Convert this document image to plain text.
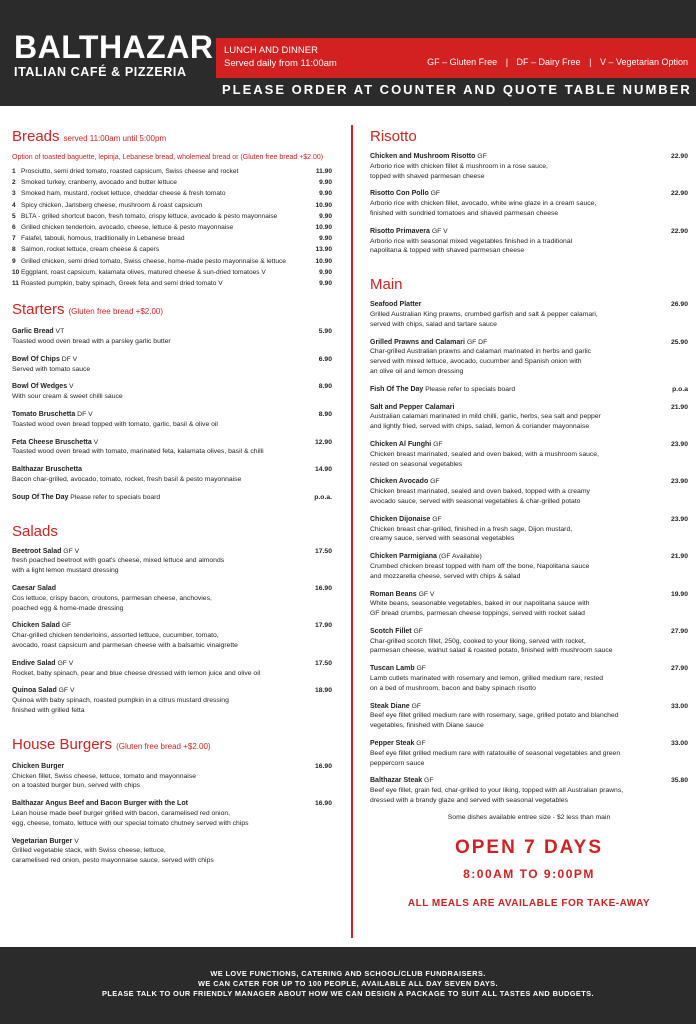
BALTHAZAR
ITALIAN CAFÉ & PIZZERIA
LUNCH AND DINNER
Served daily from 11:00am	GF – Gluten Free | DF – Dairy Free | V – Vegetarian Option
PLEASE ORDER AT COUNTER AND QUOTE TABLE NUMBER
Breads served 11:00am until 5:00pm
Option of toasted baguette, lepinja, Lebanese bread, wholemeal bread or (Gluten free bread +$2.00)
1 Prosciutto, semi dried tomato, roasted capsicum, Swiss cheese and rocket	11.90
2 Smoked turkey, cranberry, avocado and butter lettuce	9.90
3 Smoked ham, mustard, rocket lettuce, cheddar cheese & fresh tomato	9.90
4 Spicy chicken, Jarlsberg cheese, mushroom & roast capsicum	10.90
5 BLTA - grilled shortcut bacon, fresh tomato, crispy lettuce, avocado & pesto mayonnaise	9.90
6 Grilled chicken tenderloin, avocado, cheese, lettuce & pesto mayonnaise	10.90
7 Falafel, tabouli, homous, traditionally in Lebanese bread	9.90
8 Salmon, rocket lettuce, cream cheese & capers	13.90
9 Grilled chicken, semi dried tomato, Swiss cheese, home-made pesto mayonnaise & lettuce	10.90
10 Eggplant, roast capsicum, kalamata olives, matured cheese & sun-dried tomatoes V	9.90
11 Roasted pumpkin, baby spinach, Greek feta and semi dried tomato V	9.90
Starters (Gluten free bread +$2.00)
Garlic Bread VT	5.90
Toasted wood oven bread with a parsley garlic butter
Bowl Of Chips DF V	6.90
Served with tomato sauce
Bowl Of Wedges V	8.90
With sour cream & sweet chilli sauce
Tomato Bruschetta DF V	8.90
Toasted wood oven bread topped with tomato, garlic, basil & olive oil
Feta Cheese Bruschetta V	12.90
Toasted wood oven bread with tomato, marinated feta, kalamata olives, basil & chilli
Balthazar Bruschetta	14.90
Bacon char-grilled, avocado, tomato, rocket, fresh basil & pesto mayonnaise
Soup Of The Day Please refer to specials board	p.o.a.
Salads
Beetroot Salad GF V	17.50
fresh poached beetroot with goat's cheese, mixed lettuce and almonds
with a light lemon mustard dressing
Caesar Salad	16.90
Cos lettuce, crispy bacon, croutons, parmesan cheese, anchovies,
poached egg & home-made dressing
Chicken Salad GF	17.90
Char-grilled chicken tenderloins, assorted lettuce, cucumber, tomato,
avocado, roast capsicum and parmesan cheese with a balsamic vinaigrette
Endive Salad GF V	17.50
Rocket, baby spinach, pear and blue cheese dressed with lemon juice and olive oil
Quinoa Salad GF V	18.90
Quinoa with baby spinach, roasted pumpkin in a citrus mustard dressing
finished with grilled fetta
House Burgers (Gluten free bread +$2.00)
Chicken Burger	16.90
Chicken fillet, Swiss cheese, lettuce, tomato and mayonnaise
on a toasted burger bun, served with chips
Balthazar Angus Beef and Bacon Burger with the Lot	16.90
Lean house made beef burger grilled with bacon, caramelised red onion,
egg, cheese, tomato, lettuce with our special tomato chutney served with chips
Vegetarian Burger V
Grilled vegetable stack, with Swiss cheese, lettuce,
caramelised red onion, pesto mayonnaise sauce, served with chips
Risotto
Chicken and Mushroom Risotto GF	22.90
Arborio rice with chicken fillet & mushroom in a rose sauce,
topped with shaved parmesan cheese
Risotto Con Pollo GF	22.90
Arborio rice with chicken fillet, avocado, white wine glaze in a cream sauce,
finished with sundried tomatoes and shaved parmesan cheese
Risotto Primavera GF V	22.90
Arborio rice with seasonal mixed vegetables finished in a traditional
napolitana & topped with shaved parmesan cheese
Main
Seafood Platter	26.90
Grilled Australian King prawns, crumbed garfish and salt & pepper calamari,
served with chips, salad and tartare sauce
Grilled Prawns and Calamari GF DF	25.90
Char-grilled Australian prawns and calamari marinated in herbs and garlic
served with mixed lettuce, avocado, cucumber and Spanish onion with
an olive oil and lemon dressing
Fish Of The Day Please refer to specials board	p.o.a
Salt and Pepper Calamari	21.90
Australian calamari marinated in mild chilli, garlic, herbs, sea salt and pepper
and lightly fried, served with chips, salad, lemon & coriander mayonnaise
Chicken Al Funghi GF	23.90
Chicken breast marinated, sealed and oven baked, with a mushroom sauce,
rested on seasonal vegetables
Chicken Avocado GF	23.90
Chicken breast marinated, sealed and oven baked, topped with a creamy
avocado sauce, served with seasonal vegetables & char-grilled potato
Chicken Dijonaise GF	23.90
Chicken breast char-grilled, finished in a fresh sage, Dijon mustard,
creamy sauce, served with seasonal vegetables
Chicken Parmigiana (GF Available)	21.90
Crumbed chicken breast topped with ham off the bone, Napolitana sauce
and mozzarella cheese, served with chips & salad
Roman Beans GF V	19.90
White beans, seasonable vegetables, baked in our napolitana sauce with
GF bread crumbs, parmesan cheese toppings, served with rocket salad
Scotch Fillet GF	27.90
Char-grilled scotch fillet, 250g, cooked to your liking, served with rocket,
parmesan cheese, walnut salad & roasted potato, finished with mushroom sauce
Tuscan Lamb GF	27.90
Lamb cutlets marinated with rosemary and lemon, grilled medium rare, rested
on a bed of mushroom, bacon and baby spinach risotto
Steak Diane GF	33.00
Beef eye fillet grilled medium rare with rosemary, sage, grilled potato and blanched
vegetables, finished with Diane sauce
Pepper Steak GF	33.00
Beef eye fillet grilled medium rare with ratatouille of seasonal vegetables and green
peppercorn sauce
Balthazar Steak GF	35.80
Beef eye fillet, grain fed, char-grilled to your liking, topped with all Australian prawns,
dressed with a brandy glaze and served with seasonal vegetables
Some dishes available entree size - $2 less than main
OPEN 7 DAYS
8:00AM TO 9:00PM
ALL MEALS ARE AVAILABLE FOR TAKE-AWAY
WE LOVE FUNCTIONS, CATERING AND SCHOOL/CLUB FUNDRAISERS.
WE CAN CATER FOR UP TO 100 PEOPLE, AVAILABLE ALL DAY SEVEN DAYS.
PLEASE TALK TO OUR FRIENDLY MANAGER ABOUT HOW WE CAN DESIGN A PACKAGE TO SUIT ALL TASTES AND BUDGETS.
